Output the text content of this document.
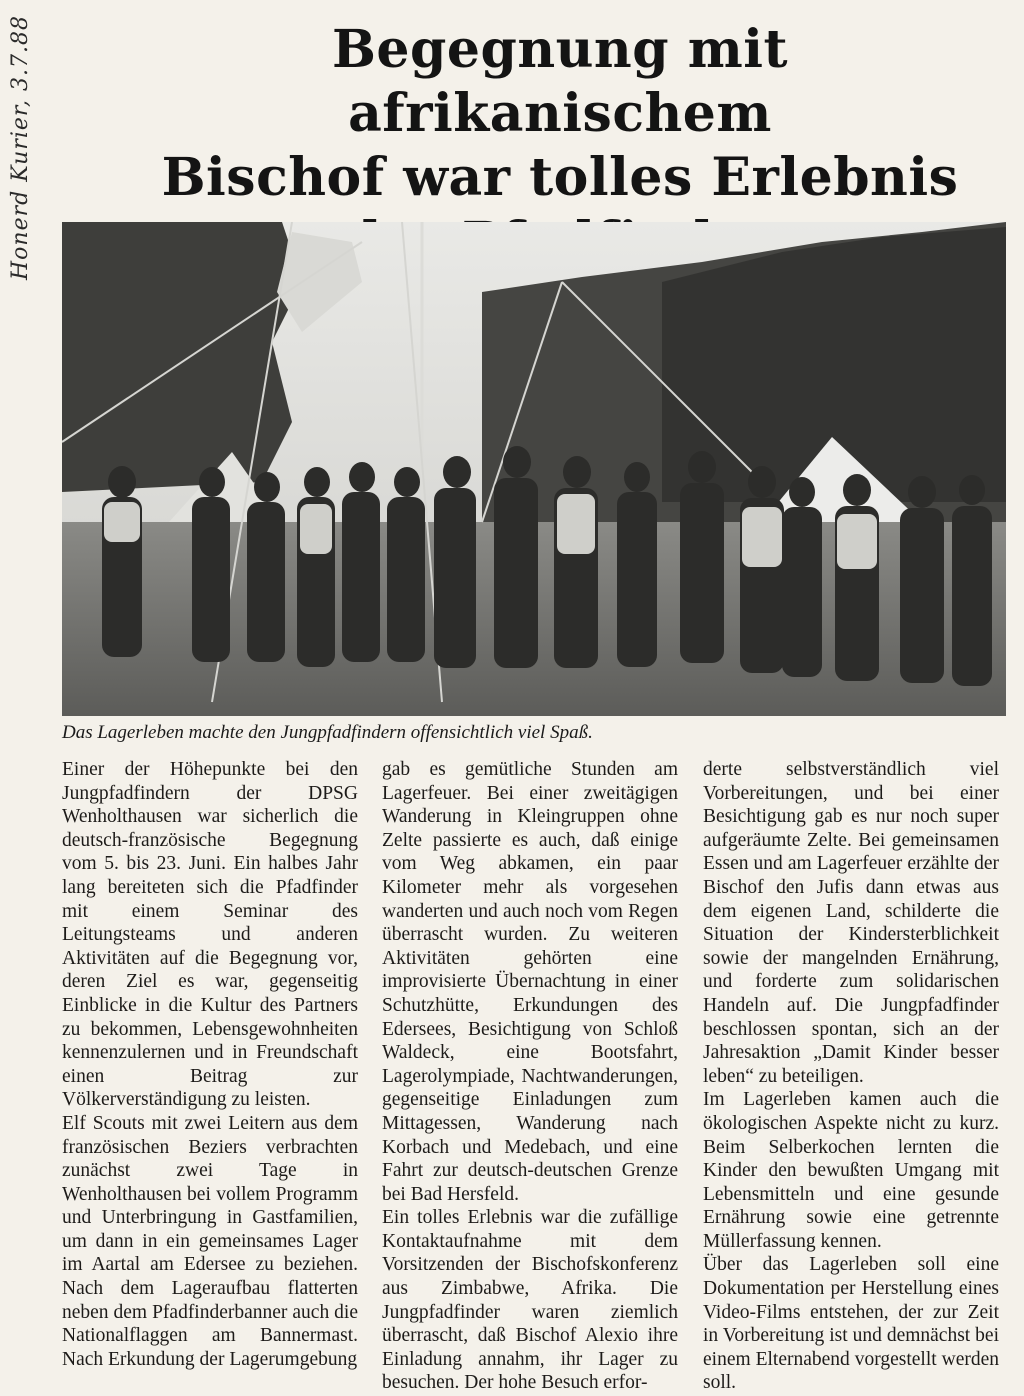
Honerd Kurier, 3.7.88	Begegnung mit afrikanischem
Bischof war tolles Erlebnis
Das Lagerleben machte den Jungpfadfindern offensichtlich viel Spaß.

Einer der Höhepunkte bei den Jungpfadfindern der DPSG Wenholthausen war sicherlich die deutsch-französische Begegnung vom 5. bis 23. Juni. Ein halbes Jahr lang bereiteten sich die Pfadfinder mit einem Seminar des Leitungsteams und anderen Aktivitäten auf die Begegnung vor, deren Ziel es war, gegenseitig Einblicke in die Kultur des Partners zu bekommen, Lebensgewohnheiten kennenzulernen und in Freundschaft einen Beitrag zur Völkerverständigung zu leisten.

Elf Scouts mit zwei Leitern aus dem französischen Beziers verbrachten zunächst zwei Tage in Wenholthausen bei vollem Programm und Unterbringung in Gastfamilien, um dann in ein gemeinsames Lager im Aartal am Edersee zu beziehen. Nach dem Lageraufbau flatterten neben dem Pfadfinderbanner auch die Nationalflaggen am Bannermast. Nach Erkundung der Lagerumgebung

gab es gemütliche Stunden am Lagerfeuer. Bei einer zweitägigen Wanderung in Kleingruppen ohne Zelte passierte es auch, daß einige vom Weg abkamen, ein paar Kilometer mehr als vorgesehen wanderten und auch noch vom Regen überrascht wurden. Zu weiteren Aktivitäten gehörten eine improvisierte Übernachtung in einer Schutzhütte, Erkundungen des Edersees, Besichtigung von Schloß Waldeck, eine Bootsfahrt, Lagerolympiade, Nachtwanderungen, gegenseitige Einladungen zum Mittagessen, Wanderung nach Korbach und Medebach, und eine Fahrt zur deutsch-deutschen Grenze bei Bad Hersfeld.

Ein tolles Erlebnis war die zufällige Kontaktaufnahme mit dem Vorsitzenden der Bischofskonferenz aus Zimbabwe, Afrika. Die Jungpfadfinder waren ziemlich überrascht, daß Bischof Alexio ihre Einladung annahm, ihr Lager zu besuchen. Der hohe Besuch erfor-

derte selbstverständlich viel Vorbereitungen, und bei einer Besichtigung gab es nur noch super aufgeräumte Zelte. Bei gemeinsamen Essen und am Lagerfeuer erzählte der Bischof den Jufis dann etwas aus dem eigenen Land, schilderte die Situation der Kindersterblichkeit sowie der mangelnden Ernährung, und forderte zum solidarischen Handeln auf. Die Jungpfadfinder beschlossen spontan, sich an der Jahresaktion „Damit Kinder besser leben“ zu beteiligen.

Im Lagerleben kamen auch die ökologischen Aspekte nicht zu kurz. Beim Selberkochen lernten die Kinder den bewußten Umgang mit Lebensmitteln und eine gesunde Ernährung sowie eine getrennte Müllerfassung kennen.

Über das Lagerleben soll eine Dokumentation per Herstellung eines Video-Films entstehen, der zur Zeit in Vorbereitung ist und demnächst bei einem Elternabend vorgestellt werden soll.
